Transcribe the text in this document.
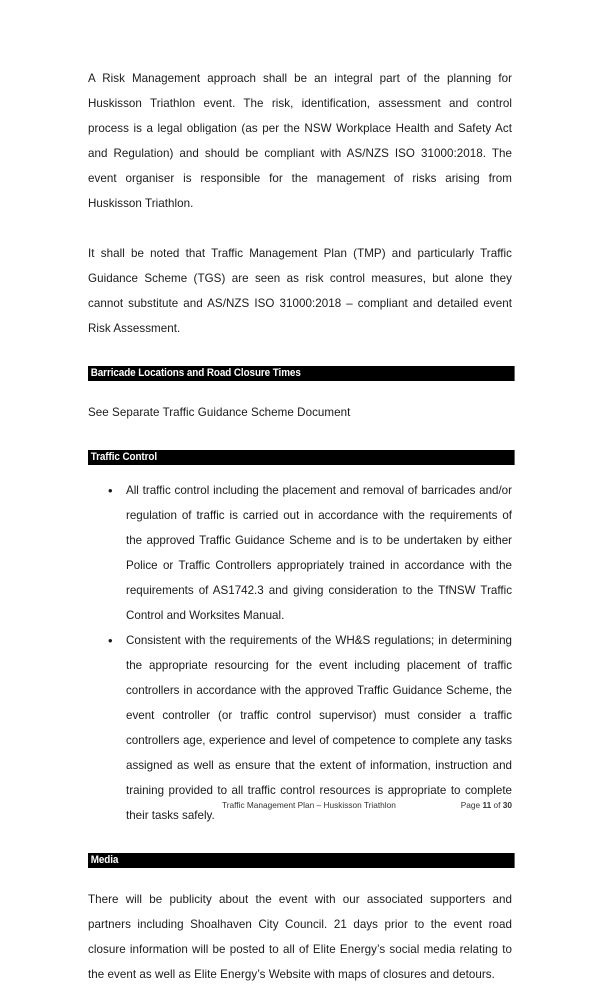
A Risk Management approach shall be an integral part of the planning for Huskisson Triathlon event. The risk, identification, assessment and control process is a legal obligation (as per the NSW Workplace Health and Safety Act and Regulation) and should be compliant with AS/NZS ISO 31000:2018. The event organiser is responsible for the management of risks arising from Huskisson Triathlon.

It shall be noted that Traffic Management Plan (TMP) and particularly Traffic Guidance Scheme (TGS) are seen as risk control measures, but alone they cannot substitute and AS/NZS ISO 31000:2018 – compliant and detailed event Risk Assessment.

Barricade Locations and Road Closure Times

See Separate Traffic Guidance Scheme Document

Traffic Control
• All traffic control including the placement and removal of barricades and/or regulation of traffic is carried out in accordance with the requirements of the approved Traffic Guidance Scheme and is to be undertaken by either Police or Traffic Controllers appropriately trained in accordance with the requirements of AS1742.3 and giving consideration to the TfNSW Traffic Control and Worksites Manual.
• Consistent with the requirements of the WH&S regulations; in determining the appropriate resourcing for the event including placement of traffic controllers in accordance with the approved Traffic Guidance Scheme, the event controller (or traffic control supervisor) must consider a traffic controllers age, experience and level of competence to complete any tasks assigned as well as ensure that the extent of information, instruction and training provided to all traffic control resources is appropriate to complete their tasks safely.
Media

There will be publicity about the event with our associated supporters and partners including Shoalhaven City Council. 21 days prior to the event road closure information will be posted to all of Elite Energy’s social media relating to the event as well as Elite Energy’s Website with maps of closures and detours.

Traffic Management Plan – Huskisson Triathlon	Page 11 of 30
